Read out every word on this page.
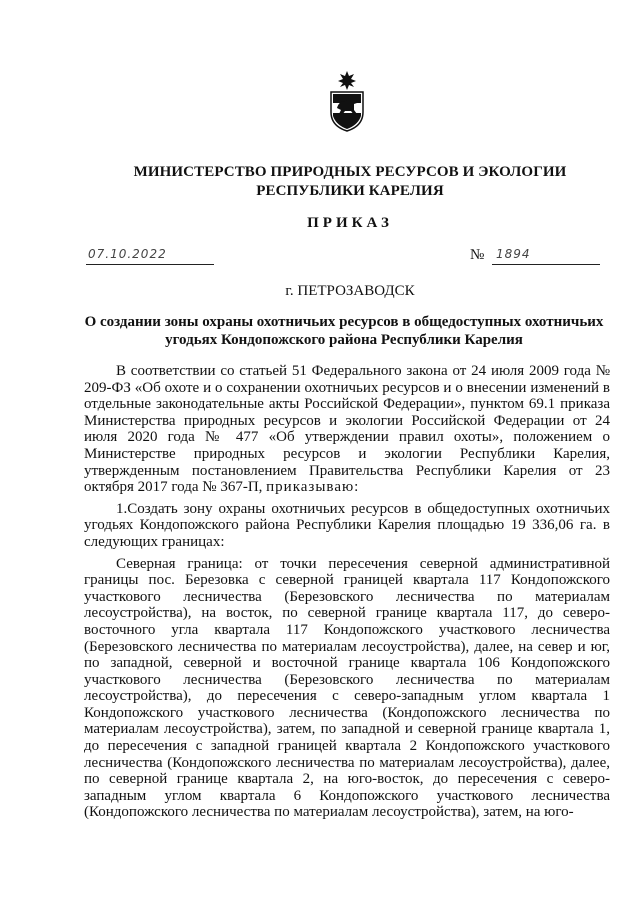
МИНИСТЕРСТВО ПРИРОДНЫХ РЕСУРСОВ И ЭКОЛОГИИ
РЕСПУБЛИКИ КАРЕЛИЯ
ПРИКАЗ
07.10.2022	№ 1894
г. ПЕТРОЗАВОДСК
О создании зоны охраны охотничьих ресурсов в общедоступных охотничьих
угодьях Кондопожского района Республики Карелия

В соответствии со статьей 51 Федерального закона от 24 июля 2009 года № 209-ФЗ «Об охоте и о сохранении охотничьих ресурсов и о внесении изменений в отдельные законодательные акты Российской Федерации», пунктом 69.1 приказа Министерства природных ресурсов и экологии Российской Федерации от 24 июля 2020 года № 477 «Об утверждении правил охоты», положением о Министерстве природных ресурсов и экологии Республики Карелия, утвержденным постановлением Правительства Республики Карелия от 23 октября 2017 года № 367-П, приказываю:

1.Создать зону охраны охотничьих ресурсов в общедоступных охотничьих угодьях Кондопожского района Республики Карелия площадью 19 336,06 га. в следующих границах:

Северная граница: от точки пересечения северной административной границы пос. Березовка с северной границей квартала 117 Кондопожского участкового лесничества (Березовского лесничества по материалам лесоустройства), на восток, по северной границе квартала 117, до северо-восточного угла квартала 117 Кондопожского участкового лесничества (Березовского лесничества по материалам лесоустройства), далее, на север и юг, по западной, северной и восточной границе квартала 106 Кондопожского участкового лесничества (Березовского лесничества по материалам лесоустройства), до пересечения с северо-западным углом квартала 1 Кондопожского участкового лесничества (Кондопожского лесничества по материалам лесоустройства), затем, по западной и северной границе квартала 1, до пересечения с западной границей квартала 2 Кондопожского участкового лесничества (Кондопожского лесничества по материалам лесоустройства), далее, по северной границе квартала 2, на юго-восток, до пересечения с северо-западным углом квартала 6 Кондопожского участкового лесничества (Кондопожского лесничества по материалам лесоустройства), затем, на юго-
